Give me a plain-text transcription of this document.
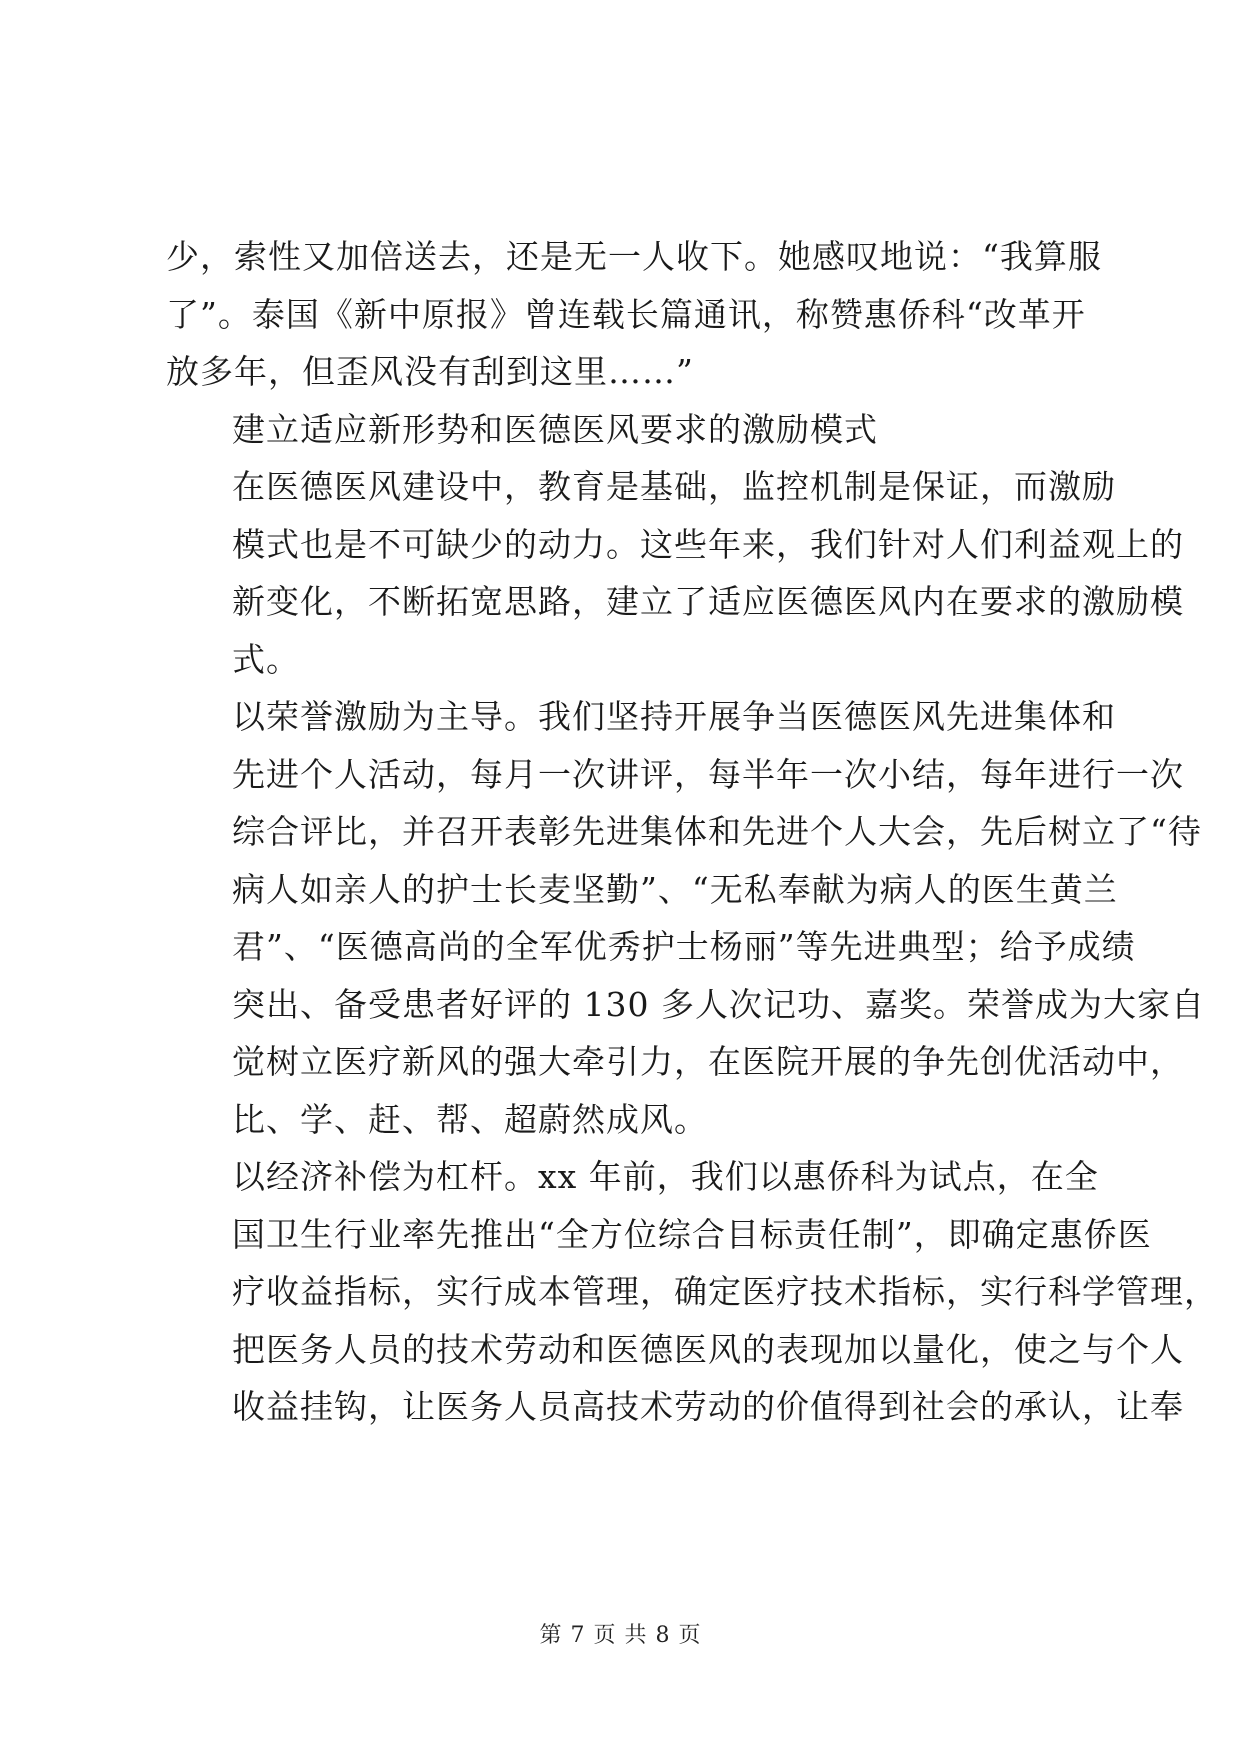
少，索性又加倍送去，还是无一人收下。她感叹地说：“我算服
了”。泰国《新中原报》曾连载长篇通讯，称赞惠侨科“改革开
放多年，但歪风没有刮到这里……”

建立适应新形势和医德医风要求的激励模式

在医德医风建设中，教育是基础，监控机制是保证，而激励
模式也是不可缺少的动力。这些年来，我们针对人们利益观上的
新变化，不断拓宽思路，建立了适应医德医风内在要求的激励模
式。

以荣誉激励为主导。我们坚持开展争当医德医风先进集体和
先进个人活动，每月一次讲评，每半年一次小结，每年进行一次
综合评比，并召开表彰先进集体和先进个人大会，先后树立了“待
病人如亲人的护士长麦坚勤”、“无私奉献为病人的医生黄兰
君”、“医德高尚的全军优秀护士杨丽”等先进典型；给予成绩
突出、备受患者好评的 130 多人次记功、嘉奖。荣誉成为大家自
觉树立医疗新风的强大牵引力，在医院开展的争先创优活动中，
比、学、赶、帮、超蔚然成风。

以经济补偿为杠杆。xx 年前，我们以惠侨科为试点，在全
国卫生行业率先推出“全方位综合目标责任制”，即确定惠侨医
疗收益指标，实行成本管理，确定医疗技术指标，实行科学管理，
把医务人员的技术劳动和医德医风的表现加以量化，使之与个人
收益挂钩，让医务人员高技术劳动的价值得到社会的承认，让奉

第 7 页 共 8 页
